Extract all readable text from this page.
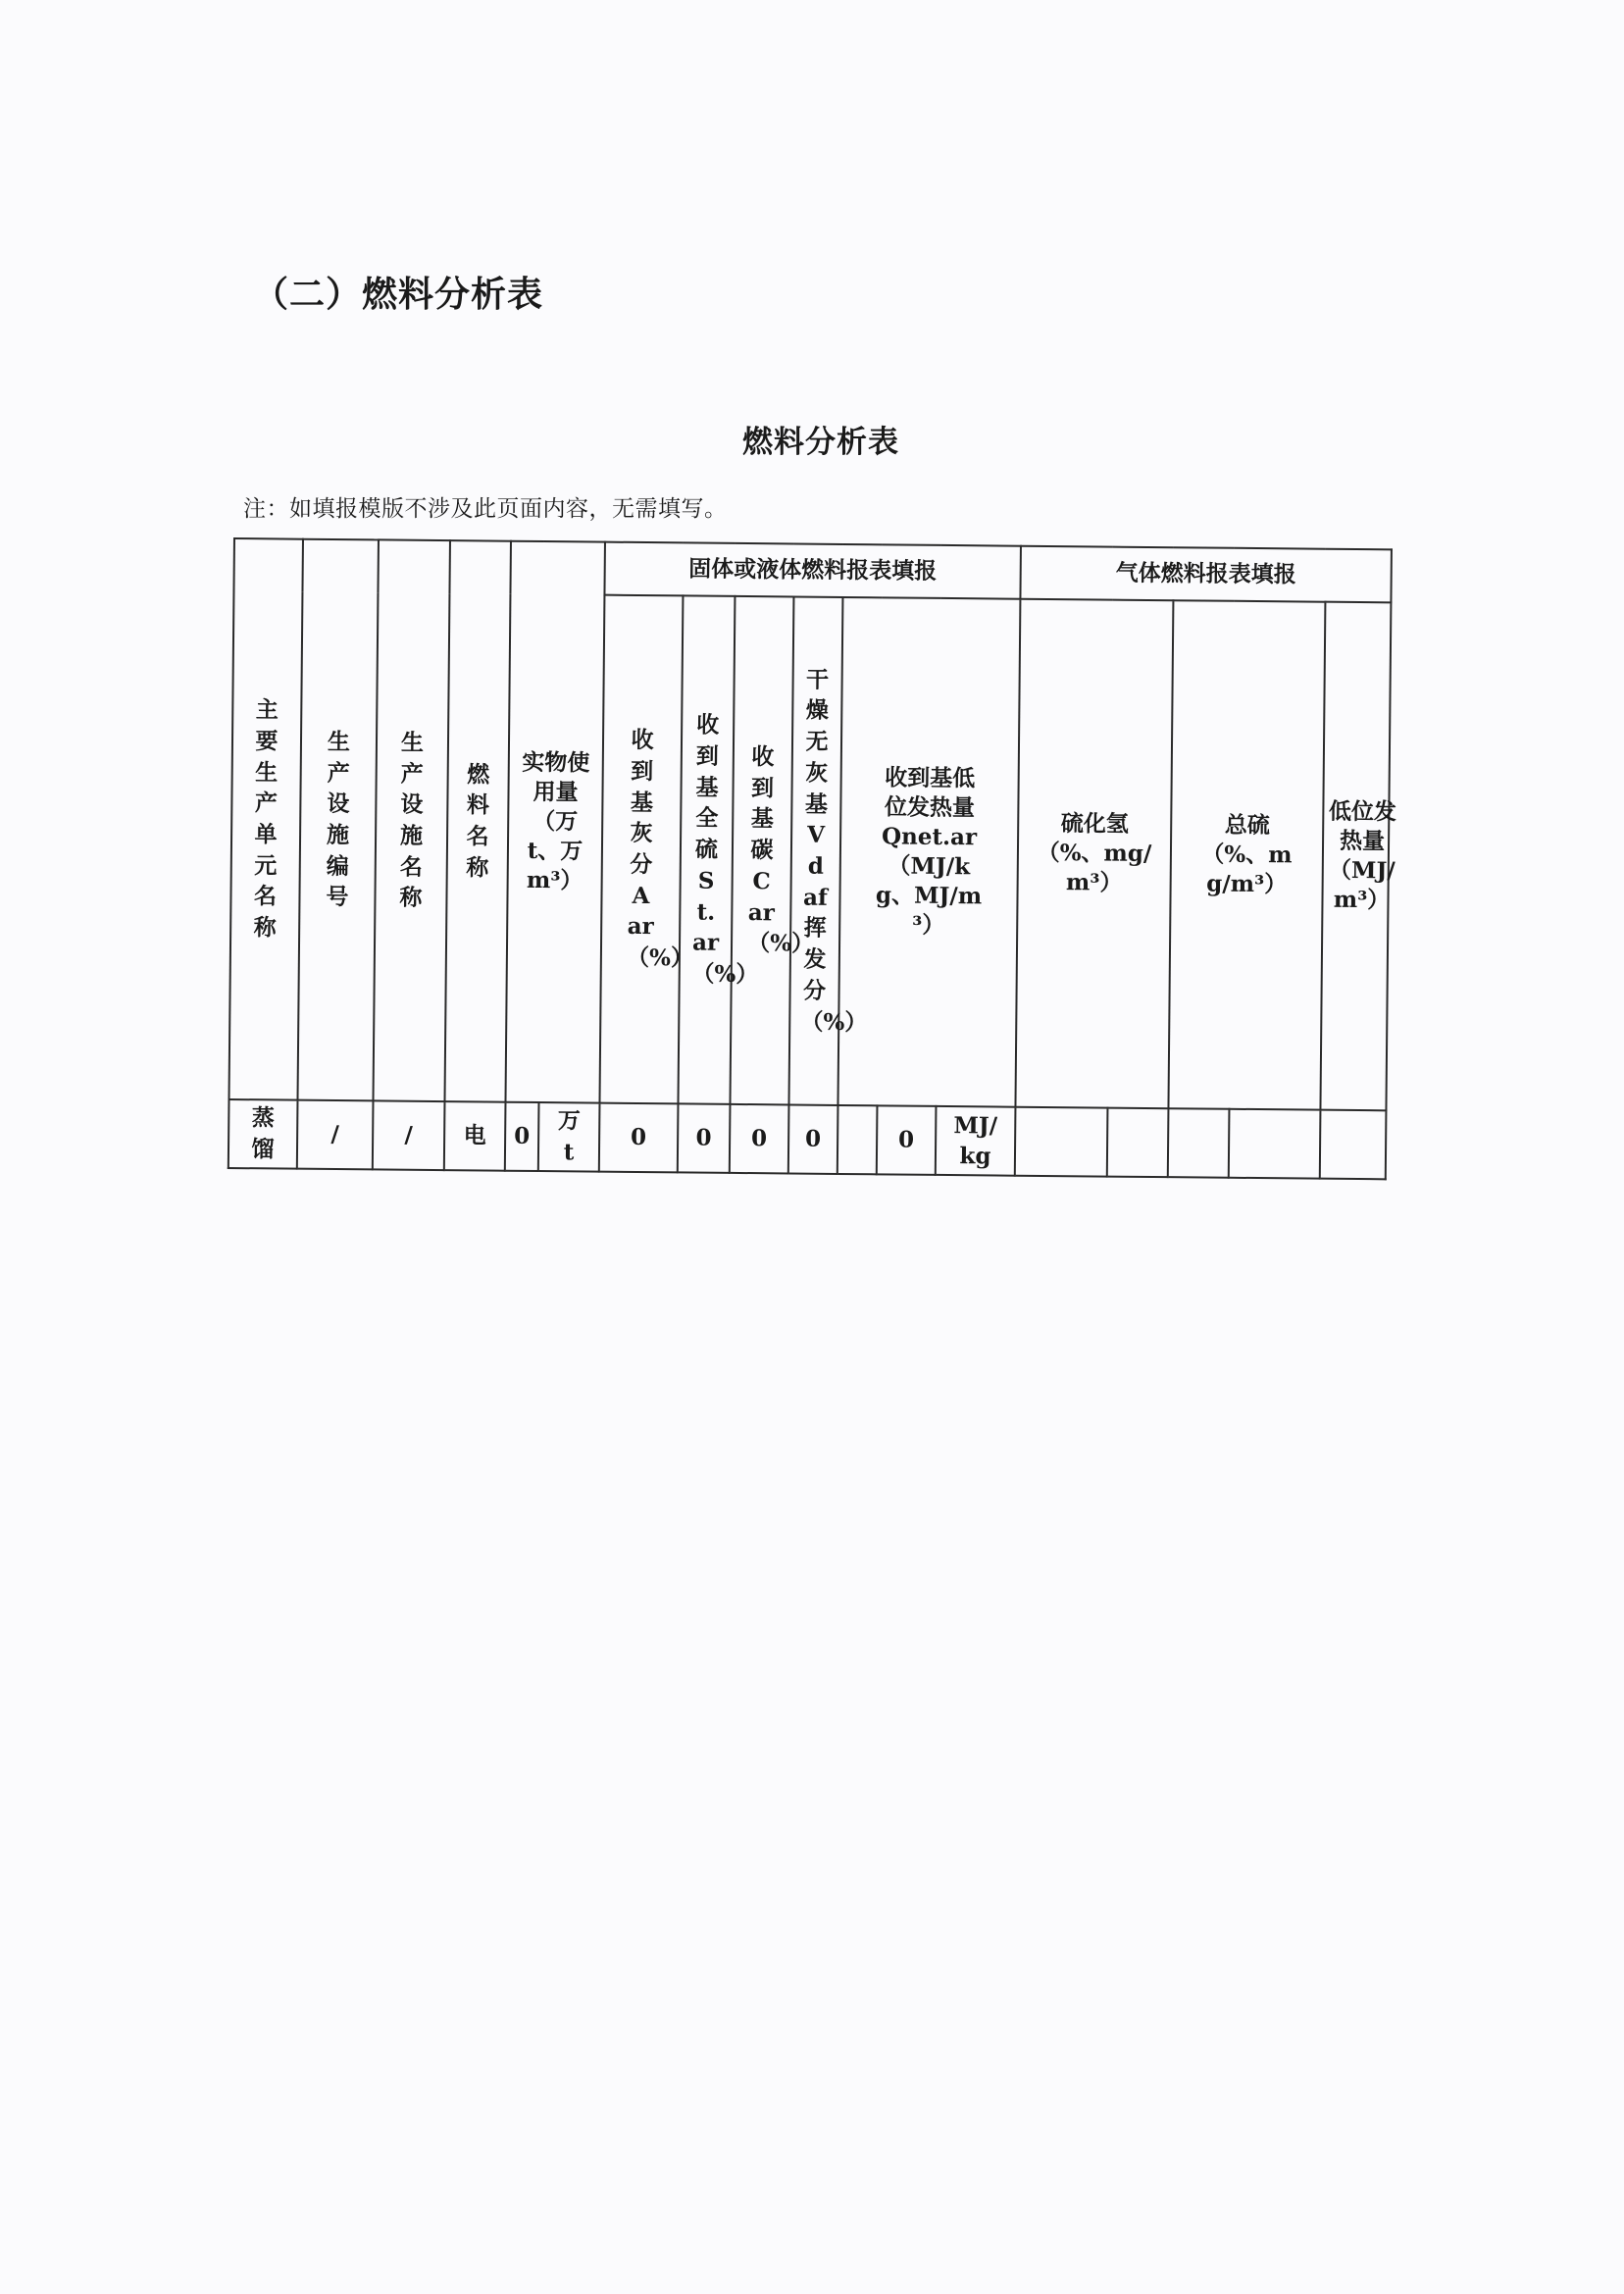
（二）燃料分析表
燃料分析表
注：如填报模版不涉及此页面内容，无需填写。
主要生产单元名称	生产设施编号	生产设施名称	燃料名称	实物使用量（万t、万m³）		固体或液体燃料报表填报							气体燃料报表填报				

						收到基灰分Aar（%）	收到基全硫St.ar（%）	收到基碳Car（%）	干燥无灰基Vdaf挥发分（%）	收到基低位发热量Qnet.ar（MJ/kg、MJ/m³）			硫化氢（%、mg/m³）		总硫（%、mg/m³）		低位发热量（MJ/m³）

蒸馏	/	/	电	0	万t	0	0	0	0		0	MJ/kg					
